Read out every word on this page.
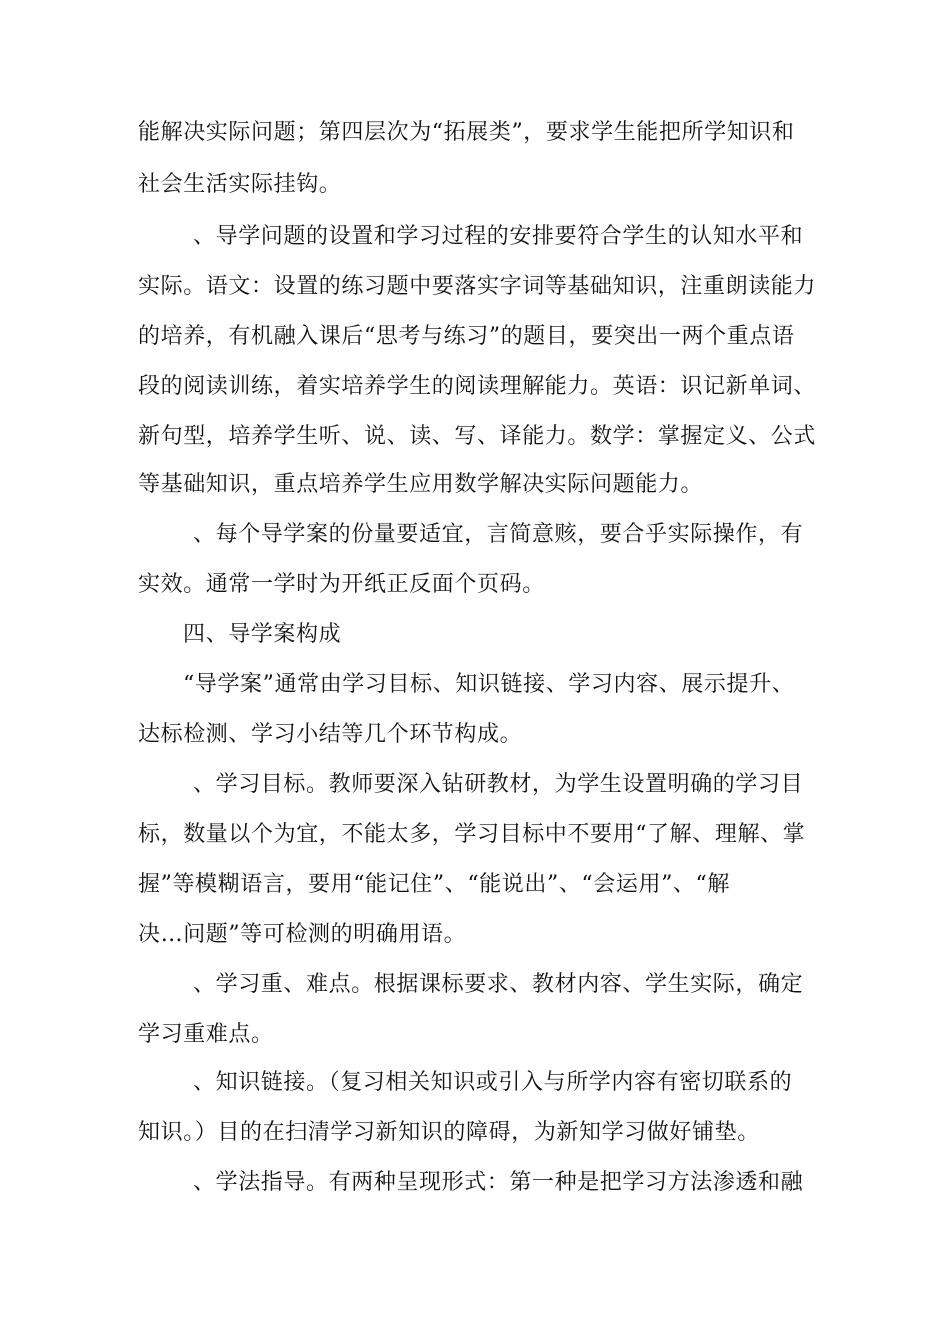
能解决实际问题；第四层次为“拓展类”，要求学生能把所学知识和
社会生活实际挂钩。
、导学问题的设置和学习过程的安排要符合学生的认知水平和
实际。语文：设置的练习题中要落实字词等基础知识，注重朗读能力
的培养，有机融入课后“思考与练习”的题目，要突出一两个重点语
段的阅读训练，着实培养学生的阅读理解能力。英语：识记新单词、
新句型，培养学生听、说、读、写、译能力。数学：掌握定义、公式
等基础知识，重点培养学生应用数学解决实际问题能力。
、每个导学案的份量要适宜，言简意赅，要合乎实际操作，有
实效。通常一学时为开纸正反面个页码。
四、导学案构成
“导学案”通常由学习目标、知识链接、学习内容、展示提升、
达标检测、学习小结等几个环节构成。
、学习目标。教师要深入钻研教材，为学生设置明确的学习目
标，数量以个为宜，不能太多，学习目标中不要用“了解、理解、掌
握”等模糊语言，要用“能记住”、“能说出”、“会运用”、“解
决…问题”等可检测的明确用语。
、学习重、难点。根据课标要求、教材内容、学生实际，确定
学习重难点。
、知识链接。（复习相关知识或引入与所学内容有密切联系的
知识。）目的在扫清学习新知识的障碍，为新知学习做好铺垫。
、学法指导。有两种呈现形式：第一种是把学习方法渗透和融
